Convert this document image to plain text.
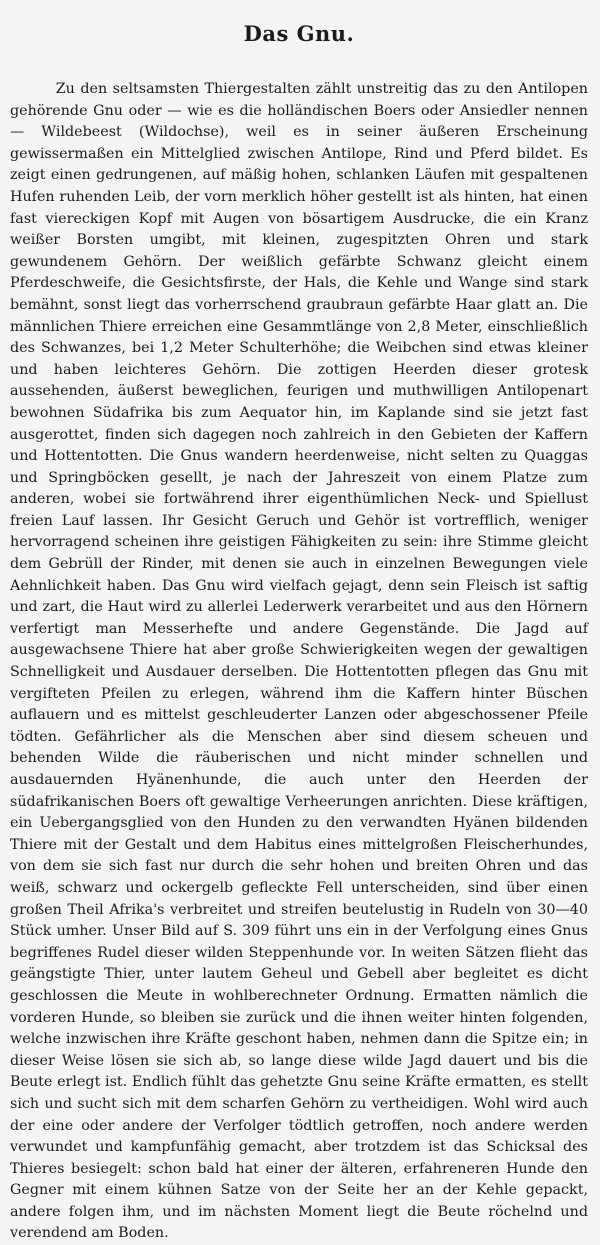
Das Gnu.

Zu den seltsamsten Thiergestalten zählt unstreitig das zu den Antilopen gehörende Gnu oder — wie es die holländischen Boers oder Ansiedler nennen — Wildebeest (Wildochse), weil es in seiner äußeren Erscheinung gewissermaßen ein Mittelglied zwischen Antilope, Rind und Pferd bildet. Es zeigt einen gedrungenen, auf mäßig hohen, schlanken Läufen mit gespaltenen Hufen ruhenden Leib, der vorn merklich höher gestellt ist als hinten, hat einen fast viereckigen Kopf mit Augen von bösartigem Ausdrucke, die ein Kranz weißer Borsten umgibt, mit kleinen, zugespitzten Ohren und stark gewundenem Gehörn. Der weißlich gefärbte Schwanz gleicht einem Pferdeschweife, die Gesichtsfirste, der Hals, die Kehle und Wange sind stark bemähnt, sonst liegt das vorherrschend graubraun gefärbte Haar glatt an. Die männlichen Thiere erreichen eine Gesammtlänge von 2,8 Meter, einschließlich des Schwanzes, bei 1,2 Meter Schulterhöhe; die Weibchen sind etwas kleiner und haben leichteres Gehörn. Die zottigen Heerden dieser grotesk aussehenden, äußerst beweglichen, feurigen und muthwilligen Antilopenart bewohnen Südafrika bis zum Aequator hin, im Kaplande sind sie jetzt fast ausgerottet, finden sich dagegen noch zahlreich in den Gebieten der Kaffern und Hottentotten. Die Gnus wandern heerdenweise, nicht selten zu Quaggas und Springböcken gesellt, je nach der Jahreszeit von einem Platze zum anderen, wobei sie fortwährend ihrer eigenthümlichen Neck- und Spiellust freien Lauf lassen. Ihr Gesicht Geruch und Gehör ist vortrefflich, weniger hervorragend scheinen ihre geistigen Fähigkeiten zu sein: ihre Stimme gleicht dem Gebrüll der Rinder, mit denen sie auch in einzelnen Bewegungen viele Aehnlichkeit haben. Das Gnu wird vielfach gejagt, denn sein Fleisch ist saftig und zart, die Haut wird zu allerlei Lederwerk verarbeitet und aus den Hörnern verfertigt man Messerhefte und andere Gegenstände. Die Jagd auf ausgewachsene Thiere hat aber große Schwierigkeiten wegen der gewaltigen Schnelligkeit und Ausdauer derselben. Die Hottentotten pflegen das Gnu mit vergifteten Pfeilen zu erlegen, während ihm die Kaffern hinter Büschen auflauern und es mittelst geschleuderter Lanzen oder abgeschossener Pfeile tödten. Gefährlicher als die Menschen aber sind diesem scheuen und behenden Wilde die räuberischen und nicht minder schnellen und ausdauernden Hyänenhunde, die auch unter den Heerden der südafrikanischen Boers oft gewaltige Verheerungen anrichten. Diese kräftigen, ein Uebergangsglied von den Hunden zu den verwandten Hyänen bildenden Thiere mit der Gestalt und dem Habitus eines mittelgroßen Fleischerhundes, von dem sie sich fast nur durch die sehr hohen und breiten Ohren und das weiß, schwarz und ockergelb gefleckte Fell unterscheiden, sind über einen großen Theil Afrika's verbreitet und streifen beutelustig in Rudeln von 30—40 Stück umher. Unser Bild auf S. 309 führt uns ein in der Verfolgung eines Gnus begriffenes Rudel dieser wilden Steppenhunde vor. In weiten Sätzen flieht das geängstigte Thier, unter lautem Geheul und Gebell aber begleitet es dicht geschlossen die Meute in wohlberechneter Ordnung. Ermatten nämlich die vorderen Hunde, so bleiben sie zurück und die ihnen weiter hinten folgenden, welche inzwischen ihre Kräfte geschont haben, nehmen dann die Spitze ein; in dieser Weise lösen sie sich ab, so lange diese wilde Jagd dauert und bis die Beute erlegt ist. Endlich fühlt das gehetzte Gnu seine Kräfte ermatten, es stellt sich und sucht sich mit dem scharfen Gehörn zu vertheidigen. Wohl wird auch der eine oder andere der Verfolger tödtlich getroffen, noch andere werden verwundet und kampfunfähig gemacht, aber trotzdem ist das Schicksal des Thieres besiegelt: schon bald hat einer der älteren, erfahreneren Hunde den Gegner mit einem kühnen Satze von der Seite her an der Kehle gepackt, andere folgen ihm, und im nächsten Moment liegt die Beute röchelnd und verendend am Boden.
